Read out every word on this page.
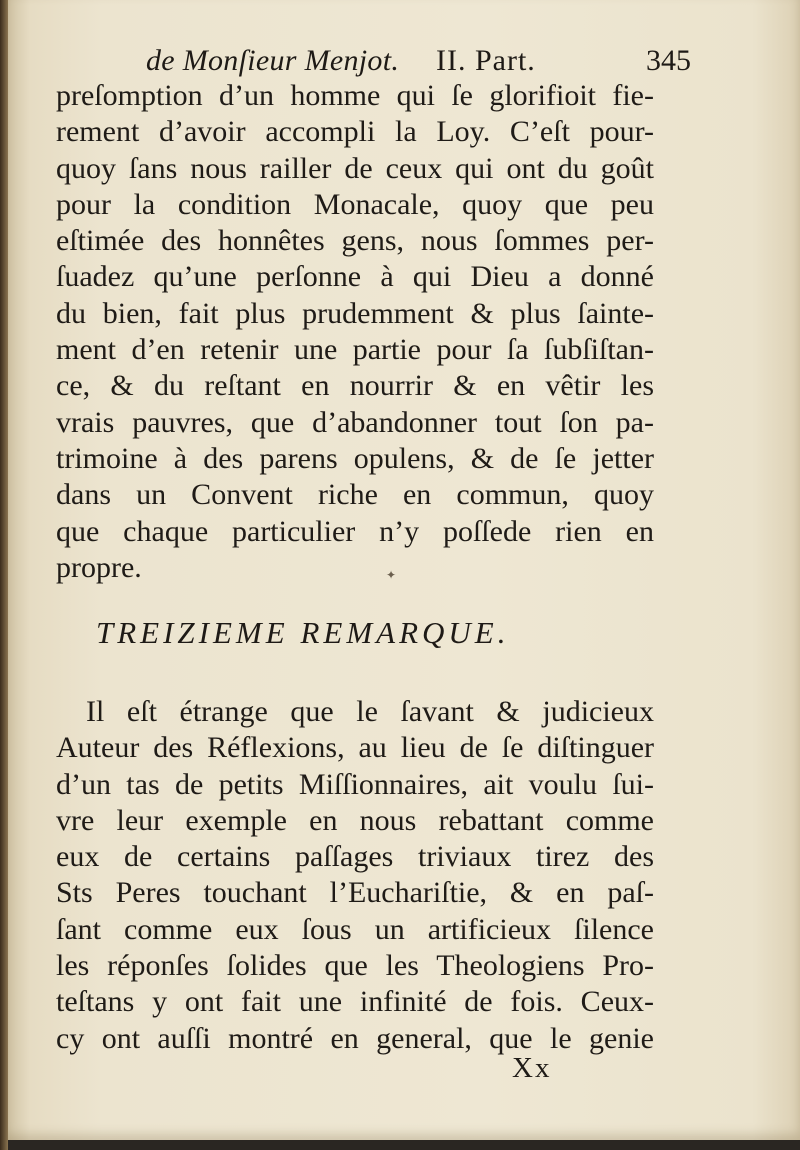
de Monſieur Menjot. II. Part.	345
preſomption d’un homme qui ſe glorifioit fie-
rement d’avoir accompli la Loy. C’eſt pour-
quoy ſans nous railler de ceux qui ont du goût
pour la condition Monacale, quoy que peu
eſtimée des honnêtes gens, nous ſommes per-
ſuadez qu’une perſonne à qui Dieu a donné
du bien, fait plus prudemment & plus ſainte-
ment d’en retenir une partie pour ſa ſubſiſtan-
ce, & du reſtant en nourrir & en vêtir les
vrais pauvres, que d’abandonner tout ſon pa-
trimoine à des parens opulens, & de ſe jetter
dans un Convent riche en commun, quoy
que chaque particulier n’y poſſede rien en
propre.	✦
TREIZIEME REMARQUE.
Il eſt étrange que le ſavant & judicieux
Auteur des Réflexions, au lieu de ſe diſtinguer
d’un tas de petits Miſſionnaires, ait voulu ſui-
vre leur exemple en nous rebattant comme
eux de certains paſſages triviaux tirez des
Sts Peres touchant l’Euchariſtie, & en paſ-
ſant comme eux ſous un artificieux ſilence
les réponſes ſolides que les Theologiens Pro-
teſtans y ont fait une infinité de fois. Ceux-
cy ont auſſi montré en general, que le genie
Xx
